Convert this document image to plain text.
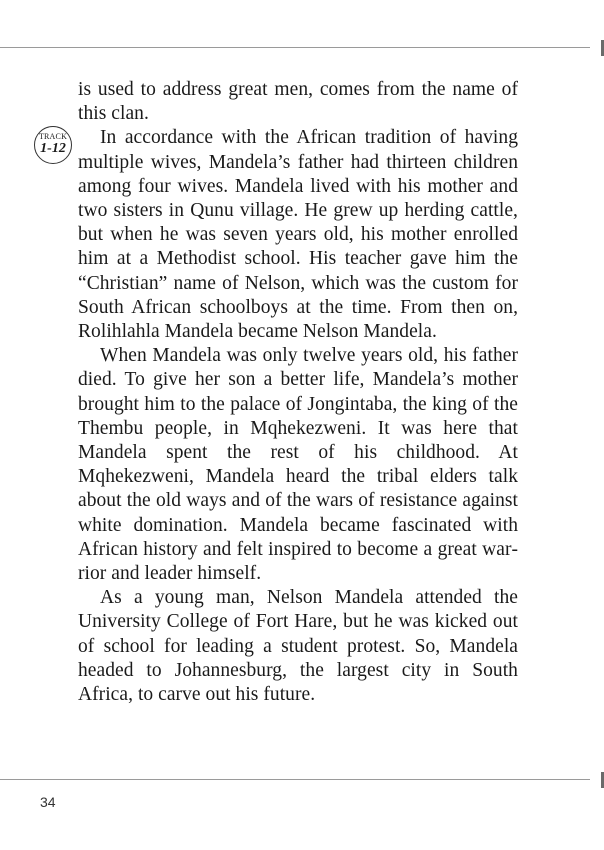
TRACK
1-12

is used to address great men, comes from the name of this clan.

In accordance with the African tradition of having multiple wives, Mandela’s father had thirteen children among four wives. Mandela lived with his mother and two sisters in Qunu village. He grew up herding cattle, but when he was seven years old, his mother enrolled him at a Methodist school. His teacher gave him the “Christian” name of Nelson, which was the custom for South African schoolboys at the time. From then on, Rolihlahla Mandela became Nelson Mandela.

When Mandela was only twelve years old, his father died. To give her son a better life, Mandela’s mother brought him to the palace of Jongintaba, the king of the Thembu people, in Mqhekezweni. It was here that Mandela spent the rest of his childhood. At Mqhekezweni, Mandela heard the tribal elders talk about the old ways and of the wars of resistance against white domination. Mandela became fascinated with African history and felt inspired to become a great warrior and leader himself.

As a young man, Nelson Mandela attended the University College of Fort Hare, but he was kicked out of school for leading a student protest. So, Mandela headed to Johannesburg, the largest city in South Africa, to carve out his future.

34
